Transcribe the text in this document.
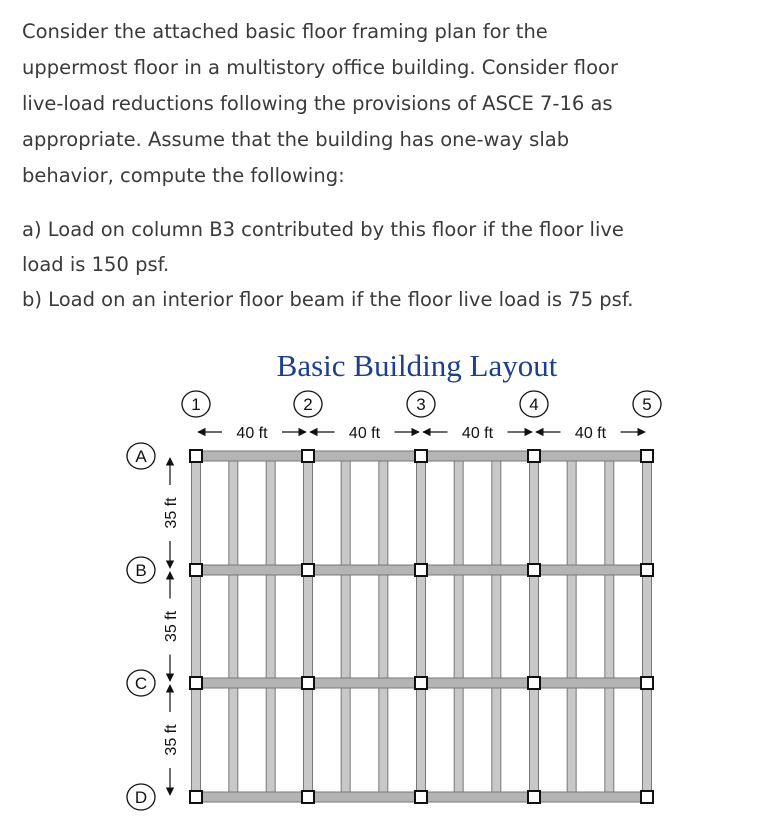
Consider the attached basic floor framing plan for the
uppermost floor in a multistory office building. Consider floor
live-load reductions following the provisions of ASCE 7-16 as
appropriate. Assume that the building has one-way slab
behavior, compute the following:

a) Load on column B3 contributed by this floor if the floor live
load is 150 psf.

b) Load on an interior floor beam if the floor live load is 75 psf.

Basic Building Layout
1	2	3	4	5
A
B
C
D
40 ft	40 ft	40 ft	40 ft
35 ft
35 ft
35 ft
